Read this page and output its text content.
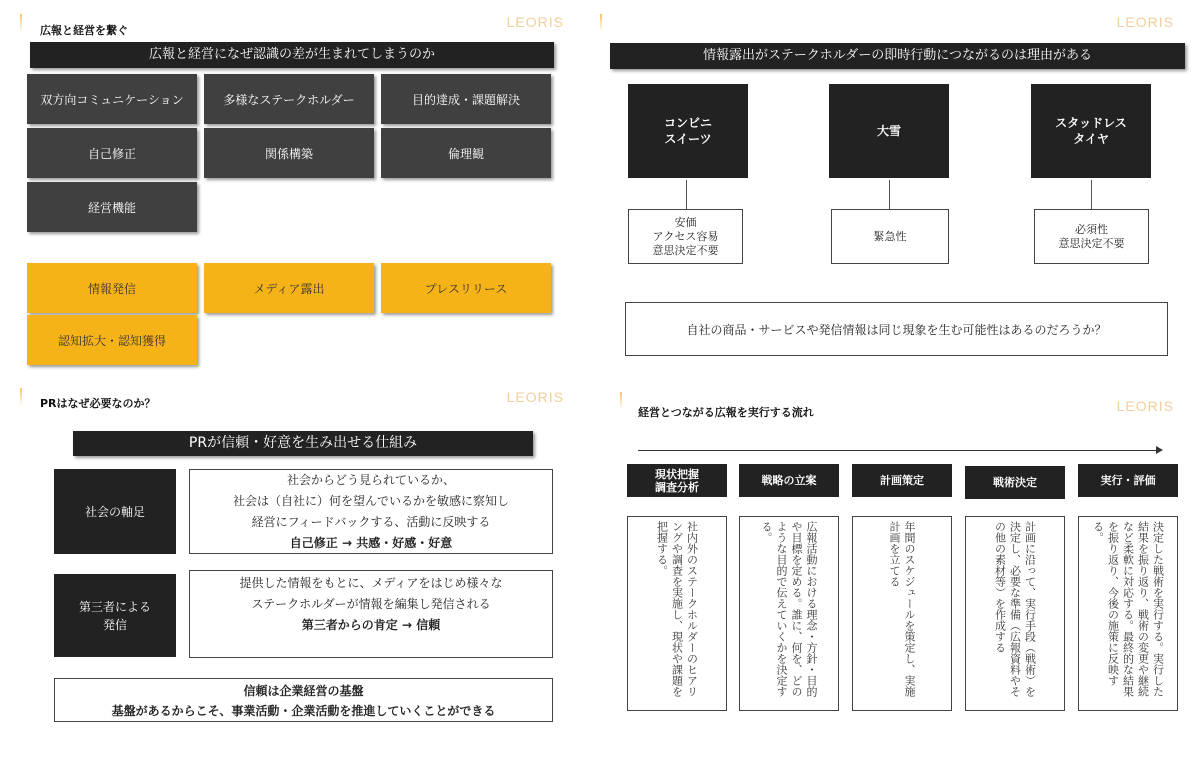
LEORIS
広報と経営を繋ぐ
広報と経営になぜ認識の差が生まれてしまうのか
双方向コミュニケーション	多様なステークホルダー	目的達成・課題解決
自己修正	関係構築	倫理観
経営機能
情報発信	メディア露出	プレスリリース
認知拡大・認知獲得
LEORIS
情報露出がステークホルダーの即時行動につながるのは理由がある
コンビニ
スイーツ
大雪
スタッドレス
タイヤ
安価
アクセス容易
意思決定不要
緊急性
必須性
意思決定不要
自社の商品・サービスや発信情報は同じ現象を生む可能性はあるのだろうか？
LEORIS
PRはなぜ必要なのか？
PRが信頼・好意を生み出せる仕組み
社会の軸足
社会からどう見られているか、
社会は（自社に）何を望んでいるかを敏感に察知し
経営にフィードバックする、活動に反映する
自己修正 → 共感・好感・好意
第三者による
発信
提供した情報をもとに、メディアをはじめ様々な
ステークホルダーが情報を編集し発信される
第三者からの肯定 → 信頼
信頼は企業経営の基盤
基盤があるからこそ、事業活動・企業活動を推進していくことができる
LEORIS
経営とつながる広報を実行する流れ
現状把握
調査分析	戦略の立案	計画策定	戦術決定	実行・評価
社内外のステークホルダーのヒアリングや調査を実施し、現状や課題を把握する。	広報活動における理念・方針・目的や目標を定める。誰に、何を、どのような目的で伝えていくかを決定する。	年間のスケジュールを策定し、実施計画を立てる	計画に沿って、実行手段（戦術）を決定し、必要な準備（広報資料やその他の素材等）を作成する	決定した戦術を実行する。実行した結果を振り返り、戦術の変更や継続など柔軟に対応する。最終的な結果を振り返り、今後の施策に反映する。
